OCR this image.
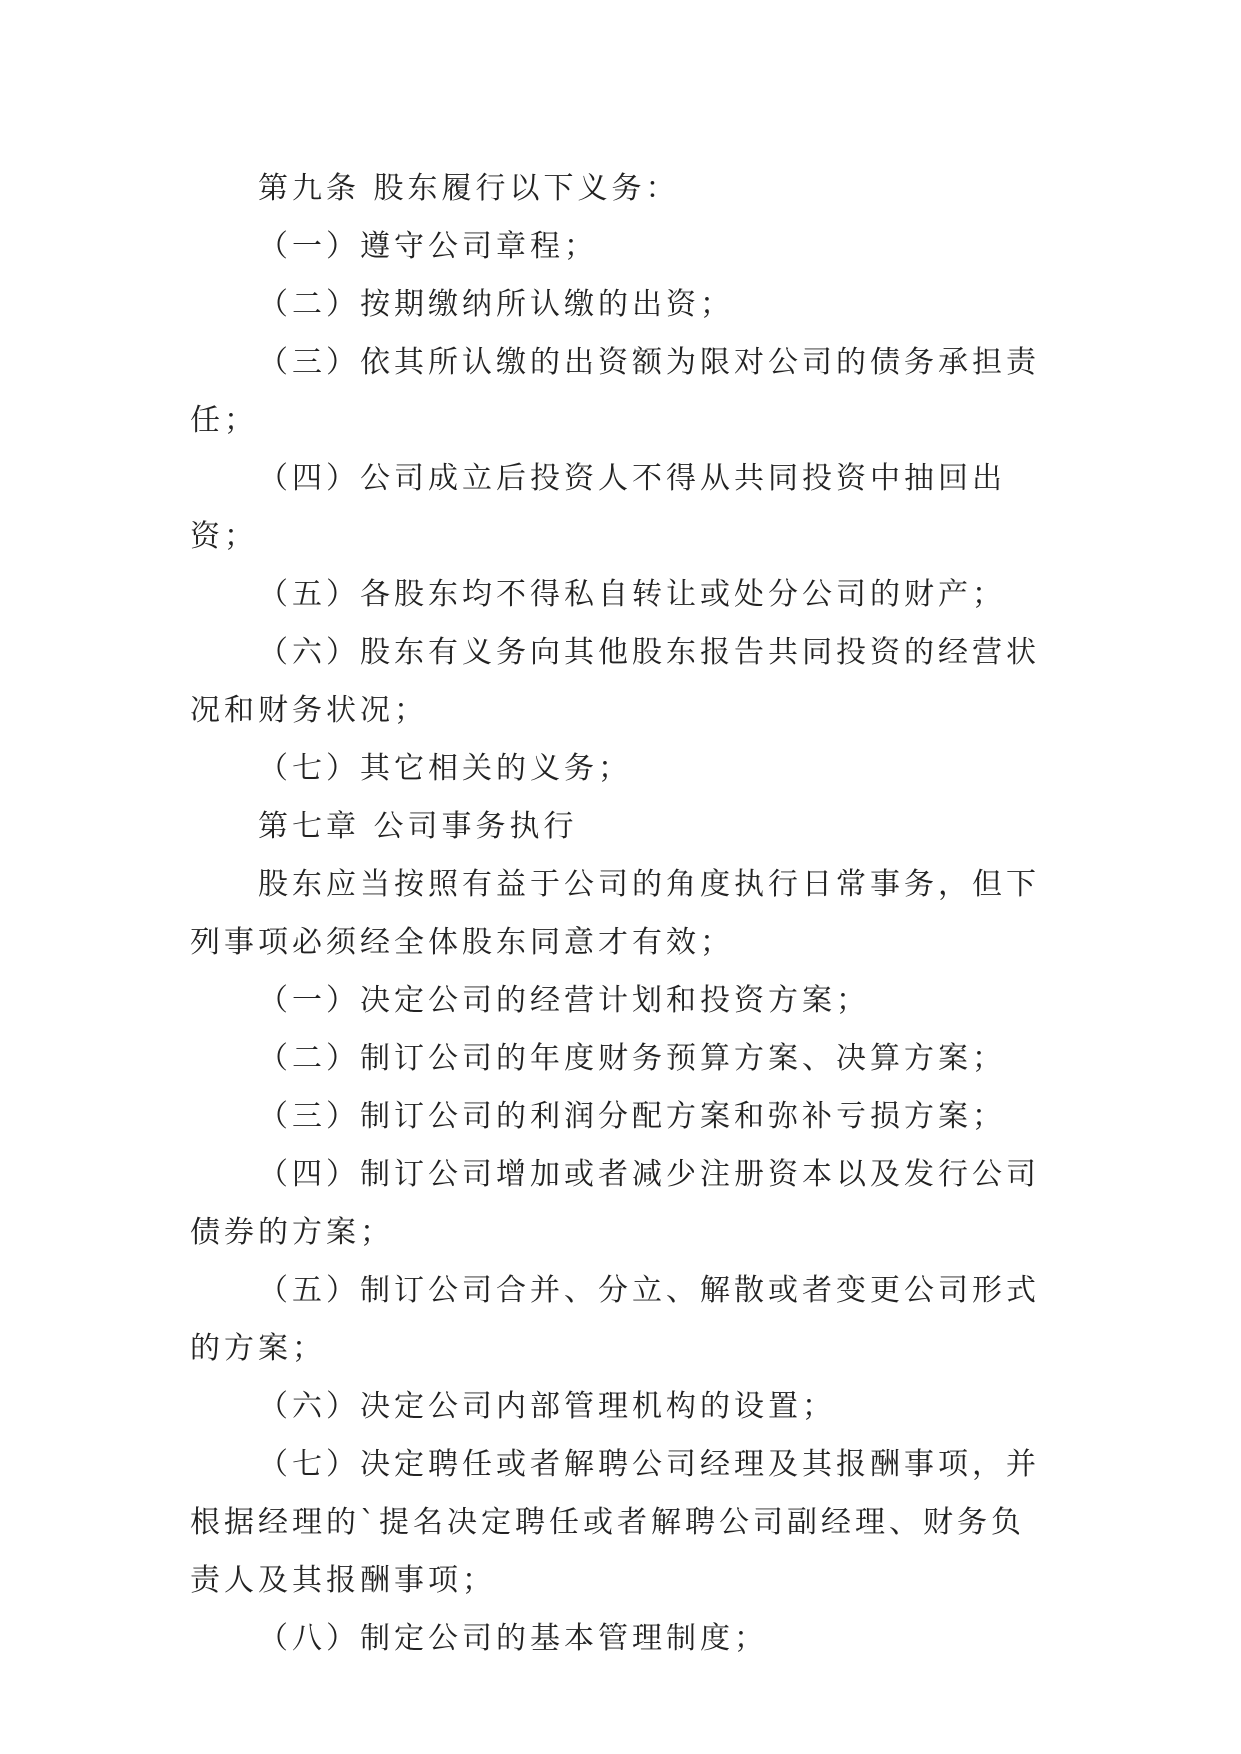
第九条 股东履行以下义务：

（一）遵守公司章程；

（二）按期缴纳所认缴的出资；

（三）依其所认缴的出资额为限对公司的债务承担责任；

（四）公司成立后投资人不得从共同投资中抽回出资；

（五）各股东均不得私自转让或处分公司的财产；

（六）股东有义务向其他股东报告共同投资的经营状况和财务状况；

（七）其它相关的义务；

第七章 公司事务执行

股东应当按照有益于公司的角度执行日常事务，但下列事项必须经全体股东同意才有效；

（一）决定公司的经营计划和投资方案；

（二）制订公司的年度财务预算方案、决算方案；

（三）制订公司的利润分配方案和弥补亏损方案；

（四）制订公司增加或者减少注册资本以及发行公司债券的方案；

（五）制订公司合并、分立、解散或者变更公司形式的方案；

（六）决定公司内部管理机构的设置；

（七）决定聘任或者解聘公司经理及其报酬事项，并根据经理的`提名决定聘任或者解聘公司副经理、财务负责人及其报酬事项；

（八）制定公司的基本管理制度；
